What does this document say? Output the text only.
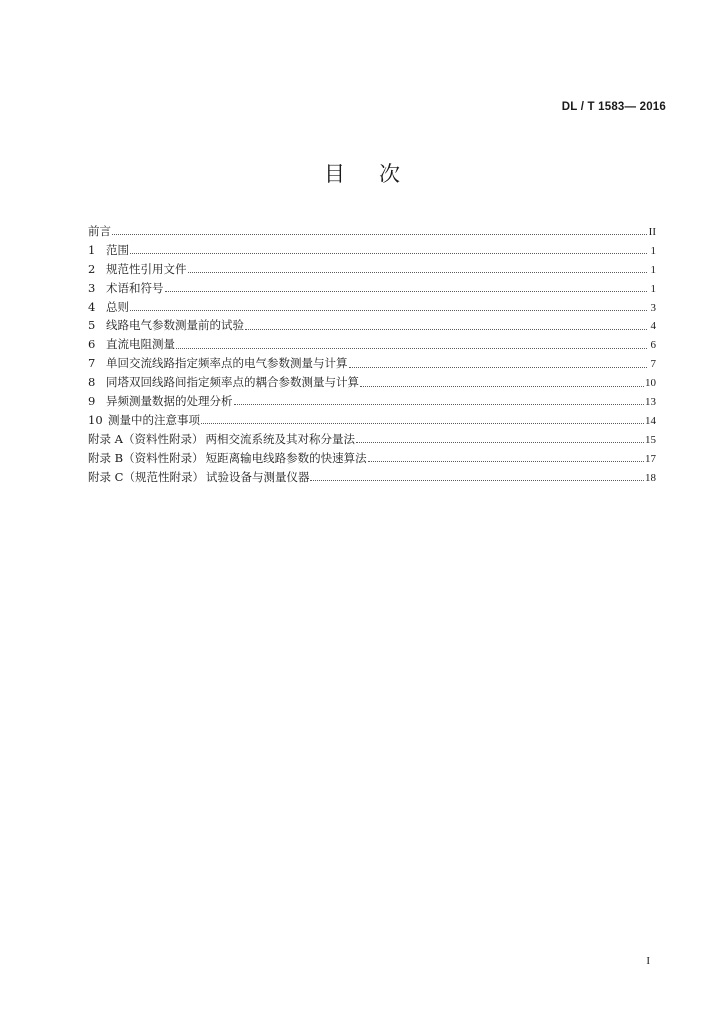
DL / T 1583— 2016
目 次
前言	II
1 范围	1
2 规范性引用文件	1
3 术语和符号	1
4 总则	3
5 线路电气参数测量前的试验	4
6 直流电阻测量	6
7 单回交流线路指定频率点的电气参数测量与计算	7
8 同塔双回线路间指定频率点的耦合参数测量与计算	10
9 异频测量数据的处理分析	13
10 测量中的注意事项	14
附录 A（资料性附录） 两相交流系统及其对称分量法	15
附录 B（资料性附录） 短距离输电线路参数的快速算法	17
附录 C（规范性附录） 试验设备与测量仪器	18
I
